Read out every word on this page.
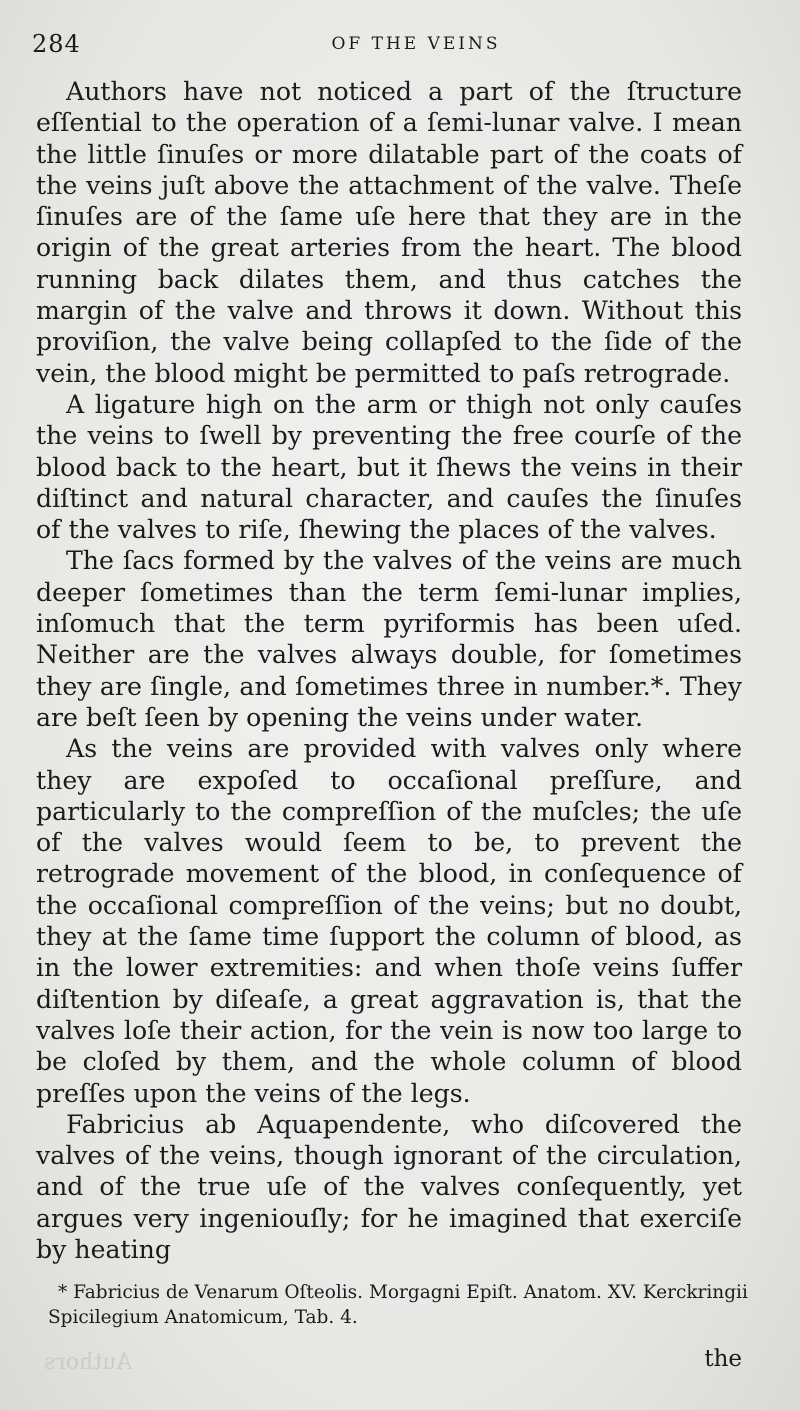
284	OF THE VEINS

Authors have not noticed a part of the ſtructure eſſential to the operation of a ſemi-lunar valve. I mean the little ſinuſes or more dilatable part of the coats of the veins juſt above the attachment of the valve. Theſe ſinuſes are of the ſame uſe here that they are in the origin of the great arteries from the heart. The blood running back dilates them, and thus catches the margin of the valve and throws it down. Without this proviſion, the valve being collapſed to the ſide of the vein, the blood might be permitted to paſs retrograde.

A ligature high on the arm or thigh not only cauſes the veins to ſwell by preventing the free courſe of the blood back to the heart, but it ſhews the veins in their diſtinct and natural character, and cauſes the ſinuſes of the valves to riſe, ſhewing the places of the valves.

The ſacs formed by the valves of the veins are much deeper ſometimes than the term ſemi-lunar implies, inſomuch that the term pyriformis has been uſed. Neither are the valves always double, for ſometimes they are ſingle, and ſometimes three in number.*. They are beſt ſeen by opening the veins under water.

As the veins are provided with valves only where they are expoſed to occaſional preſſure, and particularly to the compreſſion of the muſcles; the uſe of the valves would ſeem to be, to prevent the retrograde movement of the blood, in conſequence of the occaſional compreſſion of the veins; but no doubt, they at the ſame time ſupport the column of blood, as in the lower extremities: and when thoſe veins ſuffer diſtention by diſeaſe, a great aggravation is, that the valves loſe their action, for the vein is now too large to be cloſed by them, and the whole column of blood preſſes upon the veins of the legs.

Fabricius ab Aquapendente, who diſcovered the valves of the veins, though ignorant of the circulation, and of the true uſe of the valves conſequently, yet argues very ingeniouſly; for he imagined that exerciſe by heating

* Fabricius de Venarum Oſteolis. Morgagni Epiſt. Anatom. XV. Kerckringii Spicilegium Anatomicum, Tab. 4.
Authors	the
